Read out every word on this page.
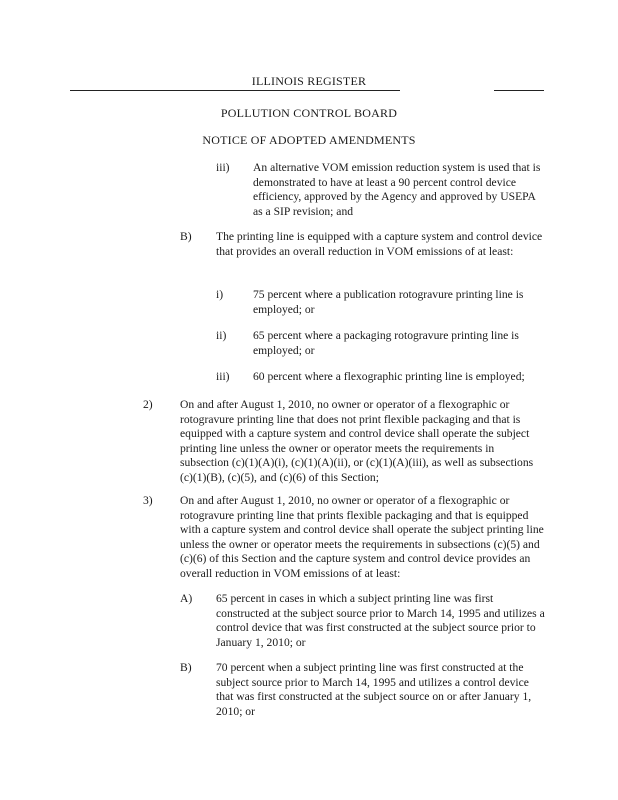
ILLINOIS REGISTER
POLLUTION CONTROL BOARD
NOTICE OF ADOPTED AMENDMENTS
iii) An alternative VOM emission reduction system is used that is demonstrated to have at least a 90 percent control device efficiency, approved by the Agency and approved by USEPA as a SIP revision; and

B) The printing line is equipped with a capture system and control device that provides an overall reduction in VOM emissions of at least:

i)	75 percent where a publication rotogravure printing line is employed; or

ii) 65 percent where a packaging rotogravure printing line is employed; or

iii) 60 percent where a flexographic printing line is employed;

2) On and after August 1, 2010, no owner or operator of a flexographic or rotogravure printing line that does not print flexible packaging and that is equipped with a capture system and control device shall operate the subject printing line unless the owner or operator meets the requirements in subsection (c)(1)(A)(i), (c)(1)(A)(ii), or (c)(1)(A)(iii), as well as subsections (c)(1)(B), (c)(5), and (c)(6) of this Section;

3) On and after August 1, 2010, no owner or operator of a flexographic or rotogravure printing line that prints flexible packaging and that is equipped with a capture system and control device shall operate the subject printing line unless the owner or operator meets the requirements in subsections (c)(5) and (c)(6) of this Section and the capture system and control device provides an overall reduction in VOM emissions of at least:

A) 65 percent in cases in which a subject printing line was first constructed at the subject source prior to March 14, 1995 and utilizes a control device that was first constructed at the subject source prior to January 1, 2010; or

B) 70 percent when a subject printing line was first constructed at the subject source prior to March 14, 1995 and utilizes a control device that was first constructed at the subject source on or after January 1, 2010; or
